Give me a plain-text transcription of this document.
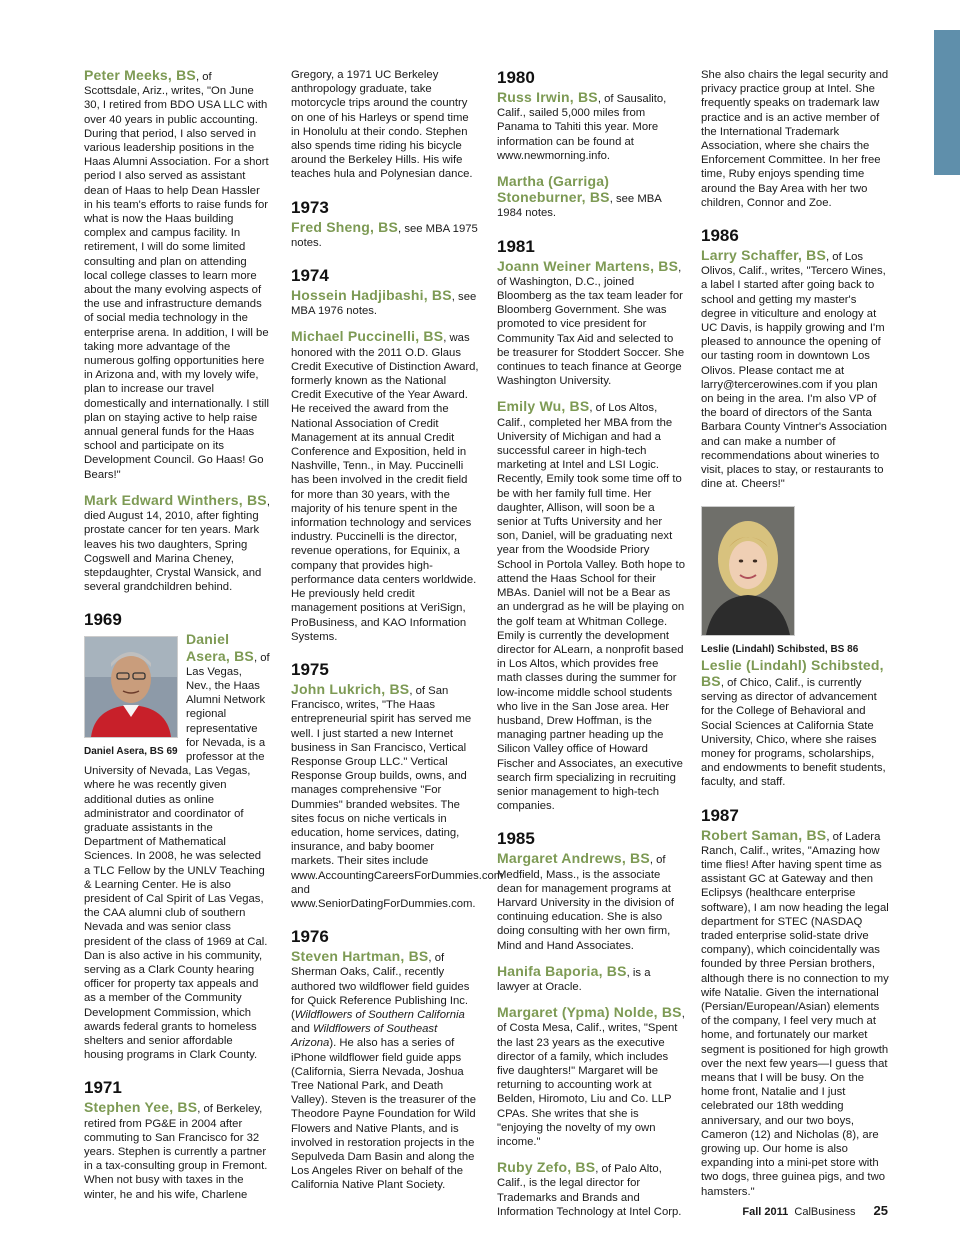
Peter Meeks, BS, of Scottsdale, Ariz., writes, "On June 30, I retired from BDO USA LLC with over 40 years in public accounting. During that period, I also served in various leadership positions in the Haas Alumni Association. For a short period I also served as assistant dean of Haas to help Dean Hassler in his team's efforts to raise funds for what is now the Haas building complex and campus facility. In retirement, I will do some limited consulting and plan on attending local college classes to learn more about the many evolving aspects of the use and infrastructure demands of social media technology in the enterprise arena. In addition, I will be taking more advantage of the numerous golfing opportunities here in Arizona and, with my lovely wife, plan to increase our travel domestically and internationally. I still plan on staying active to help raise annual general funds for the Haas school and participate on its Development Council. Go Haas! Go Bears!"

Mark Edward Winthers, BS, died August 14, 2010, after fighting prostate cancer for ten years. Mark leaves his two daughters, Spring Cogswell and Marina Cheney, stepdaughter, Crystal Wansick, and several grandchildren behind.

1969
Daniel Asera, BS 69

Daniel Asera, BS, of Las Vegas, Nev., the Haas Alumni Network regional representative for Nevada, is a professor at the University of Nevada, Las Vegas, where he was recently given additional duties as online administrator and coordinator of graduate assistants in the Department of Mathematical Sciences. In 2008, he was selected a TLC Fellow by the UNLV Teaching & Learning Center. He is also president of Cal Spirit of Las Vegas, the CAA alumni club of southern Nevada and was senior class president of the class of 1969 at Cal. Dan is also active in his community, serving as a Clark County hearing officer for property tax appeals and as a member of the Community Development Commission, which awards federal grants to homeless shelters and senior affordable housing programs in Clark County.

1971

Stephen Yee, BS, of Berkeley, retired from PG&E in 2004 after commuting to San Francisco for 32 years. Stephen is currently a partner in a tax-consulting group in Fremont. When not busy with taxes in the winter, he and his wife, Charlene

Gregory, a 1971 UC Berkeley anthropology graduate, take motorcycle trips around the country on one of his Harleys or spend time in Honolulu at their condo. Stephen also spends time riding his bicycle around the Berkeley Hills. His wife teaches hula and Polynesian dance.

1973

Fred Sheng, BS, see MBA 1975 notes.

1974

Hossein Hadjibashi, BS, see MBA 1976 notes.

Michael Puccinelli, BS, was honored with the 2011 O.D. Glaus Credit Executive of Distinction Award, formerly known as the National Credit Executive of the Year Award. He received the award from the National Association of Credit Management at its annual Credit Conference and Exposition, held in Nashville, Tenn., in May. Puccinelli has been involved in the credit field for more than 30 years, with the majority of his tenure spent in the information technology and services industry. Puccinelli is the director, revenue operations, for Equinix, a company that provides high-performance data centers worldwide. He previously held credit management positions at VeriSign, ProBusiness, and KAO Information Systems.

1975

John Lukrich, BS, of San Francisco, writes, "The Haas entrepreneurial spirit has served me well. I just started a new Internet business in San Francisco, Vertical Response Group LLC." Vertical Response Group builds, owns, and manages comprehensive "For Dummies" branded websites. The sites focus on niche verticals in education, home services, dating, insurance, and baby boomer markets. Their sites include www.AccountingCareersForDummies.com and www.SeniorDatingForDummies.com.

1976

Steven Hartman, BS, of Sherman Oaks, Calif., recently authored two wildflower field guides for Quick Reference Publishing Inc. (Wildflowers of Southern California and Wildflowers of Southeast Arizona). He also has a series of iPhone wildflower field guide apps (California, Sierra Nevada, Joshua Tree National Park, and Death Valley). Steven is the treasurer of the Theodore Payne Foundation for Wild Flowers and Native Plants, and is involved in restoration projects in the Sepulveda Dam Basin and along the Los Angeles River on behalf of the California Native Plant Society.

1980

Russ Irwin, BS, of Sausalito, Calif., sailed 5,000 miles from Panama to Tahiti this year. More information can be found at www.newmorning.info.

Martha (Garriga) Stoneburner, BS, see MBA 1984 notes.

1981

Joann Weiner Martens, BS, of Washington, D.C., joined Bloomberg as the tax team leader for Bloomberg Government. She was promoted to vice president for Community Tax Aid and selected to be treasurer for Stoddert Soccer. She continues to teach finance at George Washington University.

Emily Wu, BS, of Los Altos, Calif., completed her MBA from the University of Michigan and had a successful career in high-tech marketing at Intel and LSI Logic. Recently, Emily took some time off to be with her family full time. Her daughter, Allison, will soon be a senior at Tufts University and her son, Daniel, will be graduating next year from the Woodside Priory School in Portola Valley. Both hope to attend the Haas School for their MBAs. Daniel will not be a Bear as an undergrad as he will be playing on the golf team at Whitman College. Emily is currently the development director for ALearn, a nonprofit based in Los Altos, which provides free math classes during the summer for low-income middle school students who live in the San Jose area. Her husband, Drew Hoffman, is the managing partner heading up the Silicon Valley office of Howard Fischer and Associates, an executive search firm specializing in recruiting senior management to high-tech companies.

1985

Margaret Andrews, BS, of Medfield, Mass., is the associate dean for management programs at Harvard University in the division of continuing education. She is also doing consulting with her own firm, Mind and Hand Associates.

Hanifa Baporia, BS, is a lawyer at Oracle.

Margaret (Ypma) Nolde, BS, of Costa Mesa, Calif., writes, "Spent the last 23 years as the executive director of a family, which includes five daughters!" Margaret will be returning to accounting work at Belden, Hiromoto, Liu and Co. LLP CPAs. She writes that she is "enjoying the novelty of my own income."

Ruby Zefo, BS, of Palo Alto, Calif., is the legal director for Trademarks and Brands and Information Technology at Intel Corp.

She also chairs the legal security and privacy practice group at Intel. She frequently speaks on trademark law practice and is an active member of the International Trademark Association, where she chairs the Enforcement Committee. In her free time, Ruby enjoys spending time around the Bay Area with her two children, Connor and Zoe.

1986

Larry Schaffer, BS, of Los Olivos, Calif., writes, "Tercero Wines, a label I started after going back to school and getting my master's degree in viticulture and enology at UC Davis, is happily growing and I'm pleased to announce the opening of our tasting room in downtown Los Olivos. Please contact me at larry@tercerowines.com if you plan on being in the area. I'm also VP of the board of directors of the Santa Barbara County Vintner's Association and can make a number of recommendations about wineries to visit, places to stay, or restaurants to dine at. Cheers!"

Leslie (Lindahl) Schibsted, BS 86

Leslie (Lindahl) Schibsted, BS, of Chico, Calif., is currently serving as director of advancement for the College of Behavioral and Social Sciences at California State University, Chico, where she raises money for programs, scholarships, and endowments to benefit students, faculty, and staff.

1987

Robert Saman, BS, of Ladera Ranch, Calif., writes, "Amazing how time flies! After having spent time as assistant GC at Gateway and then Eclipsys (healthcare enterprise software), I am now heading the legal department for STEC (NASDAQ traded enterprise solid-state drive company), which coincidentally was founded by three Persian brothers, although there is no connection to my wife Natalie. Given the international (Persian/European/Asian) elements of the company, I feel very much at home, and fortunately our market segment is positioned for high growth over the next few years—I guess that means that I will be busy. On the home front, Natalie and I just celebrated our 18th wedding anniversary, and our two boys, Cameron (12) and Nicholas (8), are growing up. Our home is also expanding into a mini-pet store with two dogs, three guinea pigs, and two hamsters."

Fall 2011 CalBusiness 25
